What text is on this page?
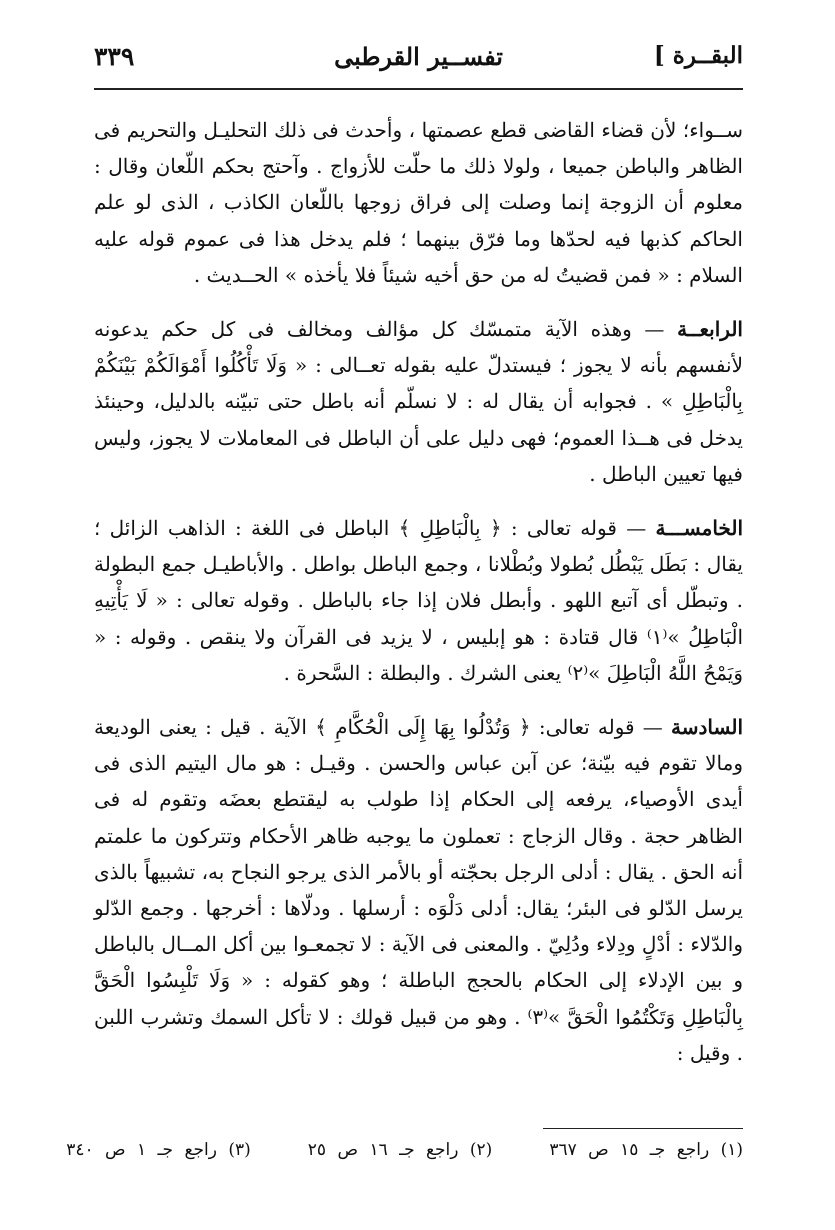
البقــرة ]
تفســير القرطبى
٣٣٩

ســواء؛ لأن قضاء القاضى قطع عصمتها ، وأحدث فى ذلك التحليـل والتحريم فى الظاهر والباطن جميعا ، ولولا ذلك ما حلّت للأزواج . وآحتج بحكم اللّعان وقال : معلوم أن الزوجة إنما وصلت إلى فراق زوجها باللّعان الكاذب ، الذى لو علم الحاكم كذبها فيه لحدّها وما فرّق بينهما ؛ فلم يدخل هذا فى عموم قوله عليه السلام : « فمن قضيتُ له من حق أخيه شيئاً فلا يأخذه » الحــديث .

الرابعــة — وهذه الآية متمسّك كل مؤالف ومخالف فى كل حكم يدعونه لأنفسهم بأنه لا يجوز ؛ فيستدلّ عليه بقوله تعــالى : « وَلَا تَأْكُلُوا أَمْوَالَكُمْ بَيْنَكُمْ بِالْبَاطِلِ » . فجوابه أن يقال له : لا نسلّم أنه باطل حتى تبيّنه بالدليل، وحينئذ يدخل فى هــذا العموم؛ فهى دليل على أن الباطل فى المعاملات لا يجوز، وليس فيها تعيين الباطل .

الخامســـة — قوله تعالى : ﴿ بِالْبَاطِلِ ﴾ الباطل فى اللغة : الذاهب الزائل ؛ يقال : بَطَل يَبْطُل بُطولا وبُطْلانا ، وجمع الباطل بواطل . والأباطيـل جمع البطولة . وتبطّل أى آتبع اللهو . وأبطل فلان إذا جاء بالباطل . وقوله تعالى : « لَا يَأْتِيهِ الْبَاطِلُ »⁽١⁾ قال قتادة : هو إبليس ، لا يزيد فى القرآن ولا ينقص . وقوله : « وَيَمْحُ اللَّهُ الْبَاطِلَ »⁽٢⁾ يعنى الشرك . والبطلة : السَّحرة .

السادسة — قوله تعالى: ﴿ وَتُدْلُوا بِهَا إِلَى الْحُكَّامِ ﴾ الآية . قيل : يعنى الوديعة ومالا تقوم فيه بيّنة؛ عن آبن عباس والحسن . وقيـل : هو مال اليتيم الذى فى أيدى الأوصياء، يرفعه إلى الحكام إذا طولب به ليقتطع بعضَه وتقوم له فى الظاهر حجة . وقال الزجاج : تعملون ما يوجبه ظاهر الأحكام وتتركون ما علمتم أنه الحق . يقال : أدلى الرجل بحجّته أو بالأمر الذى يرجو النجاح به، تشبيهاً بالذى يرسل الدّلو فى البئر؛ يقال: أدلى دَلْوَه : أرسلها . ودلّاها : أخرجها . وجمع الدّلو والدّلاء : أدْلٍ ودِلاء ودُلِيّ . والمعنى فى الآية : لا تجمعـوا بين أكل المــال بالباطل و بين الإدلاء إلى الحكام بالحجج الباطلة ؛ وهو كقوله : « وَلَا تَلْبِسُوا الْحَقَّ بِالْبَاطِلِ وَتَكْتُمُوا الْحَقَّ »⁽٣⁾ . وهو من قبيل قولك : لا تأكل السمك وتشرب اللبن . وقيل :

(١) راجع جـ ١٥ ص ٣٦٧     (٢) راجع جـ ١٦ ص ٢٥     (٣) راجع جـ ١ ص ٣٤٠
